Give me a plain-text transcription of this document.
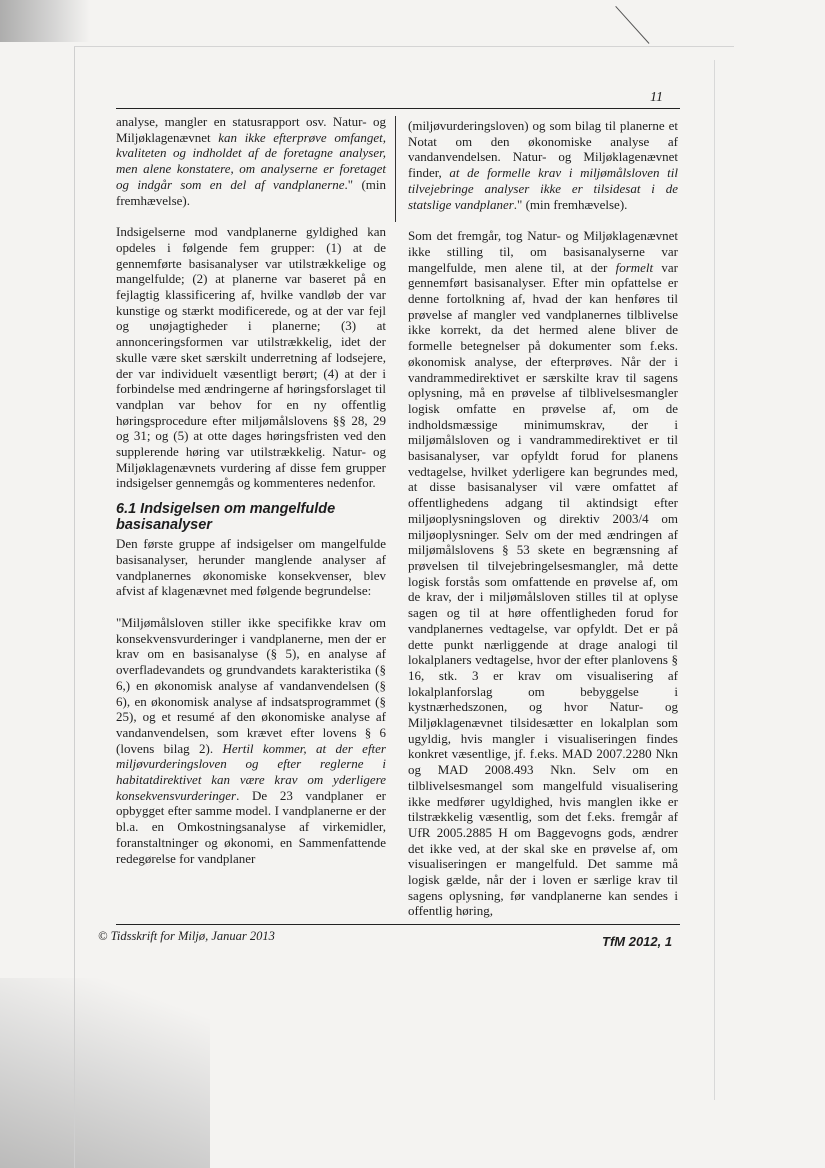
11

analyse, mangler en statusrapport osv. Natur- og Miljøklagenævnet kan ikke efterprøve omfanget, kvaliteten og indholdet af de foretagne analyser, men alene konstatere, om analyserne er foretaget og indgår som en del af vandplanerne." (min fremhævelse).

Indsigelserne mod vandplanerne gyldighed kan opdeles i følgende fem grupper: (1) at de gennemførte basisanalyser var utilstrækkelige og mangelfulde; (2) at planerne var baseret på en fejlagtig klassificering af, hvilke vandløb der var kunstige og stærkt modificerede, og at der var fejl og unøjagtigheder i planerne; (3) at annonceringsformen var utilstrækkelig, idet der skulle være sket særskilt underretning af lodsejere, der var individuelt væsentligt berørt; (4) at der i forbindelse med ændringerne af høringsforslaget til vandplan var behov for en ny offentlig høringsprocedure efter miljømålslovens §§ 28, 29 og 31; og (5) at otte dages høringsfristen ved den supplerende høring var utilstrækkelig. Natur- og Miljøklagenævnets vurdering af disse fem grupper indsigelser gennemgås og kommenteres nedenfor.

6.1 Indsigelsen om mangelfulde basisanalyser

Den første gruppe af indsigelser om mangelfulde basisanalyser, herunder manglende analyser af vandplanernes økonomiske konsekvenser, blev afvist af klagenævnet med følgende begrundelse:

"Miljømålsloven stiller ikke specifikke krav om konsekvensvurderinger i vandplanerne, men der er krav om en basisanalyse (§ 5), en analyse af overfladevandets og grundvandets karakteristika (§ 6,) en økonomisk analyse af vandanvendelsen (§ 6), en økonomisk analyse af indsatsprogrammet (§ 25), og et resumé af den økonomiske analyse af vandanvendelsen, som krævet efter lovens § 6 (lovens bilag 2). Hertil kommer, at der efter miljøvurderingsloven og efter reglerne i habitatdirektivet kan være krav om yderligere konsekvensvurderinger. De 23 vandplaner er opbygget efter samme model. I vandplanerne er der bl.a. en Omkostningsanalyse af virkemidler, foranstaltninger og økonomi, en Sammenfattende redegørelse for vandplaner

(miljøvurderingsloven) og som bilag til planerne et Notat om den økonomiske analyse af vandanvendelsen. Natur- og Miljøklagenævnet finder, at de formelle krav i miljømålsloven til tilvejebringe analyser ikke er tilsidesat i de statslige vandplaner." (min fremhævelse).

Som det fremgår, tog Natur- og Miljøklagenævnet ikke stilling til, om basisanalyserne var mangelfulde, men alene til, at der formelt var gennemført basisanalyser. Efter min opfattelse er denne fortolkning af, hvad der kan henføres til prøvelse af mangler ved vandplanernes tilblivelse ikke korrekt, da det hermed alene bliver de formelle betegnelser på dokumenter som f.eks. økonomisk analyse, der efterprøves. Når der i vandrammedirektivet er særskilte krav til sagens oplysning, må en prøvelse af tilblivelsesmangler logisk omfatte en prøvelse af, om de indholdsmæssige minimumskrav, der i miljømålsloven og i vandrammedirektivet er til basisanalyser, var opfyldt forud for planens vedtagelse, hvilket yderligere kan begrundes med, at disse basisanalyser vil være omfattet af offentlighedens adgang til aktindsigt efter miljøoplysningsloven og direktiv 2003/4 om miljøoplysninger. Selv om der med ændringen af miljømålslovens § 53 skete en begrænsning af prøvelsen til tilvejebringelsesmangler, må dette logisk forstås som omfattende en prøvelse af, om de krav, der i miljømålsloven stilles til at oplyse sagen og til at høre offentligheden forud for vandplanernes vedtagelse, var opfyldt. Det er på dette punkt nærliggende at drage analogi til lokalplaners vedtagelse, hvor der efter planlovens § 16, stk. 3 er krav om visualisering af lokalplanforslag om bebyggelse i kystnærhedszonen, og hvor Natur- og Miljøklagenævnet tilsidesætter en lokalplan som ugyldig, hvis mangler i visualiseringen findes konkret væsentlige, jf. f.eks. MAD 2007.2280 Nkn og MAD 2008.493 Nkn. Selv om en tilblivelsesmangel som mangelfuld visualisering ikke medfører ugyldighed, hvis manglen ikke er tilstrækkelig væsentlig, som det f.eks. fremgår af UfR 2005.2885 H om Baggevogns gods, ændrer det ikke ved, at der skal ske en prøvelse af, om visualiseringen er mangelfuld. Det samme må logisk gælde, når der i loven er særlige krav til sagens oplysning, før vandplanerne kan sendes i offentlig høring,

© Tidsskrift for Miljø, Januar 2013	TfM 2012, 1
